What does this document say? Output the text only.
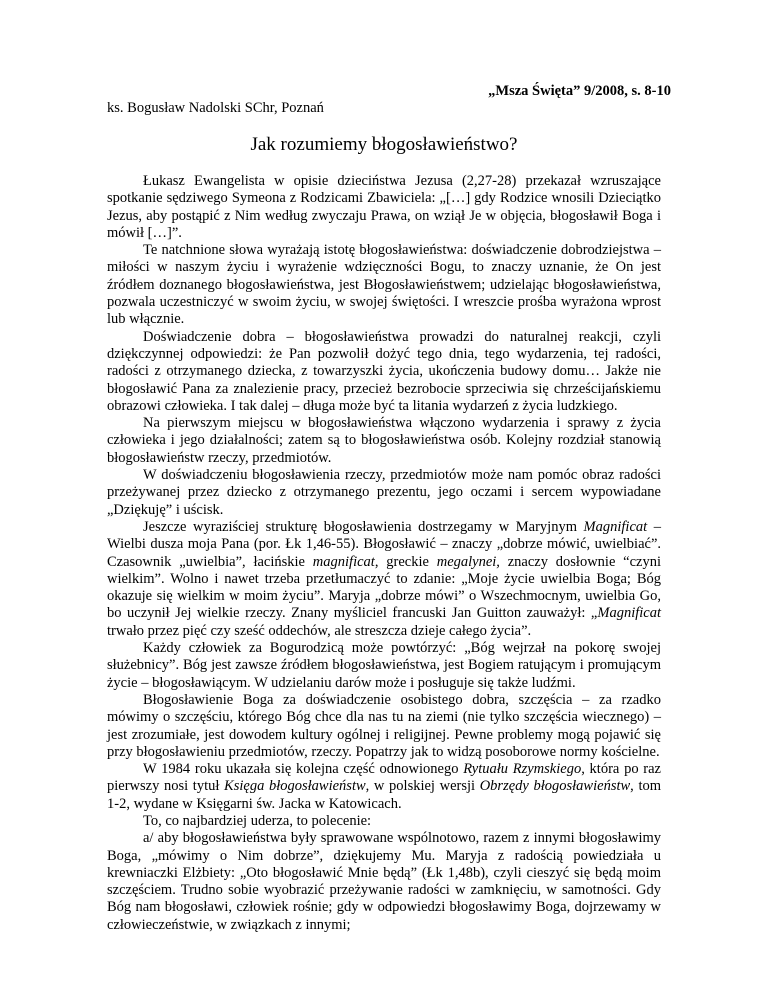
„Msza Święta” 9/2008, s. 8-10
ks. Bogusław Nadolski SChr, Poznań
Jak rozumiemy błogosławieństwo?

Łukasz Ewangelista w opisie dzieciństwa Jezusa (2,27-28) przekazał wzruszające spotkanie sędziwego Symeona z Rodzicami Zbawiciela: „[…] gdy Rodzice wnosili Dzieciątko Jezus, aby postąpić z Nim według zwyczaju Prawa, on wziął Je w objęcia, błogosławił Boga i mówił […]”.

Te natchnione słowa wyrażają istotę błogosławieństwa: doświadczenie dobrodziejstwa – miłości w naszym życiu i wyrażenie wdzięczności Bogu, to znaczy uznanie, że On jest źródłem doznanego błogosławieństwa, jest Błogosławieństwem; udzielając błogosławieństwa, pozwala uczestniczyć w swoim życiu, w swojej świętości. I wreszcie prośba wyrażona wprost lub włącznie.

Doświadczenie dobra – błogosławieństwa prowadzi do naturalnej reakcji, czyli dziękczynnej odpowiedzi: że Pan pozwolił dożyć tego dnia, tego wydarzenia, tej radości, radości z otrzymanego dziecka, z towarzyszki życia, ukończenia budowy domu… Jakże nie błogosławić Pana za znalezienie pracy, przecież bezrobocie sprzeciwia się chrześcijańskiemu obrazowi człowieka. I tak dalej – długa może być ta litania wydarzeń z życia ludzkiego.

Na pierwszym miejscu w błogosławieństwa włączono wydarzenia i sprawy z życia człowieka i jego działalności; zatem są to błogosławieństwa osób. Kolejny rozdział stanowią błogosławieństw rzeczy, przedmiotów.

W doświadczeniu błogosławienia rzeczy, przedmiotów może nam pomóc obraz radości przeżywanej przez dziecko z otrzymanego prezentu, jego oczami i sercem wypowiadane „Dziękuję” i uścisk.

Jeszcze wyraziściej strukturę błogosławienia dostrzegamy w Maryjnym Magnificat – Wielbi dusza moja Pana (por. Łk 1,46-55). Błogosławić – znaczy „dobrze mówić, uwielbiać”. Czasownik „uwielbia”, łacińskie magnificat, greckie megalynei, znaczy dosłownie “czyni wielkim”. Wolno i nawet trzeba przetłumaczyć to zdanie: „Moje życie uwielbia Boga; Bóg okazuje się wielkim w moim życiu”. Maryja „dobrze mówi” o Wszechmocnym, uwielbia Go, bo uczynił Jej wielkie rzeczy. Znany myśliciel francuski Jan Guitton zauważył: „Magnificat trwało przez pięć czy sześć oddechów, ale streszcza dzieje całego życia”.

Każdy człowiek za Bogurodzicą może powtórzyć: „Bóg wejrzał na pokorę swojej służebnicy”. Bóg jest zawsze źródłem błogosławieństwa, jest Bogiem ratującym i promującym życie – błogosławiącym. W udzielaniu darów może i posługuje się także ludźmi.

Błogosławienie Boga za doświadczenie osobistego dobra, szczęścia – za rzadko mówimy o szczęściu, którego Bóg chce dla nas tu na ziemi (nie tylko szczęścia wiecznego) – jest zrozumiałe, jest dowodem kultury ogólnej i religijnej. Pewne problemy mogą pojawić się przy błogosławieniu przedmiotów, rzeczy. Popatrzy jak to widzą posoborowe normy kościelne.

W 1984 roku ukazała się kolejna część odnowionego Rytuału Rzymskiego, która po raz pierwszy nosi tytuł Księga błogosławieństw, w polskiej wersji Obrzędy błogosławieństw, tom 1-2, wydane w Księgarni św. Jacka w Katowicach.

To, co najbardziej uderza, to polecenie:

a/ aby błogosławieństwa były sprawowane wspólnotowo, razem z innymi błogosławimy Boga, „mówimy o Nim dobrze”, dziękujemy Mu. Maryja z radością powiedziała u krewniaczki Elżbiety: „Oto błogosławić Mnie będą” (Łk 1,48b), czyli cieszyć się będą moim szczęściem. Trudno sobie wyobrazić przeżywanie radości w zamknięciu, w samotności. Gdy Bóg nam błogosławi, człowiek rośnie; gdy w odpowiedzi błogosławimy Boga, dojrzewamy w człowieczeństwie, w związkach z innymi;
